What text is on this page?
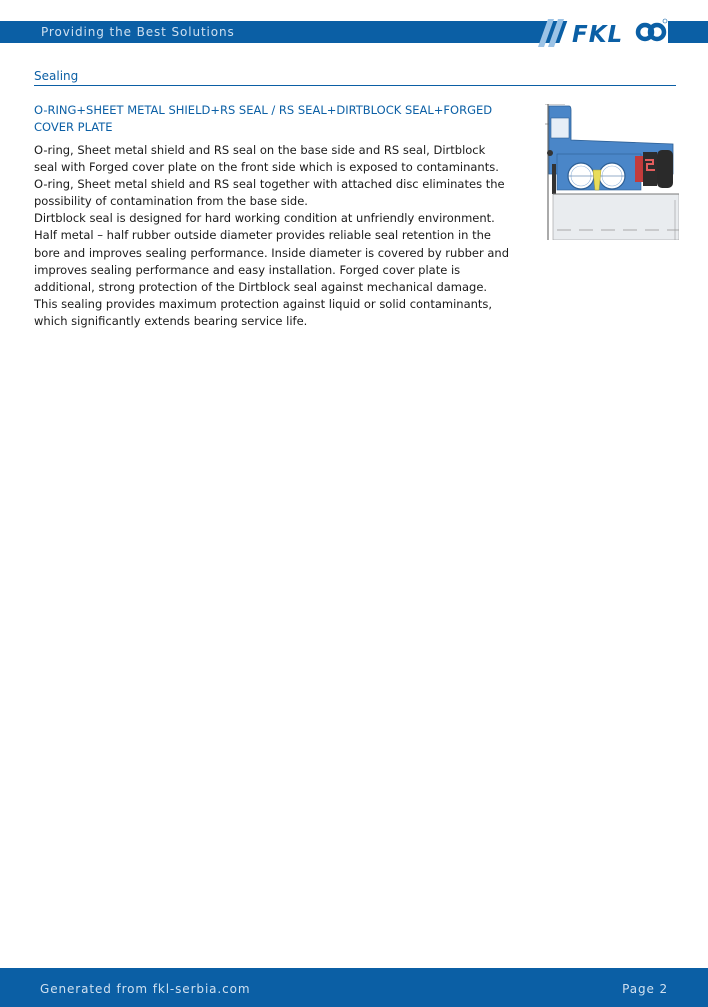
Providing the Best Solutions	FKL
Sealing
O-RING+SHEET METAL SHIELD+RS SEAL / RS SEAL+DIRTBLOCK SEAL+FORGED COVER PLATE

O-ring, Sheet metal shield and RS seal on the base side and RS seal, Dirtblock seal with Forged cover plate on the front side which is exposed to contaminants.

O-ring, Sheet metal shield and RS seal together with attached disc eliminates the possibility of contamination from the base side.

Dirtblock seal is designed for hard working condition at unfriendly environment. Half metal – half rubber outside diameter provides reliable seal retention in the bore and improves sealing performance. Inside diameter is covered by rubber and improves sealing performance and easy installation. Forged cover plate is additional, strong protection of the Dirtblock seal against mechanical damage.

This sealing provides maximum protection against liquid or solid contaminants, which significantly extends bearing service life.

Generated from fkl-serbia.com	Page 2
